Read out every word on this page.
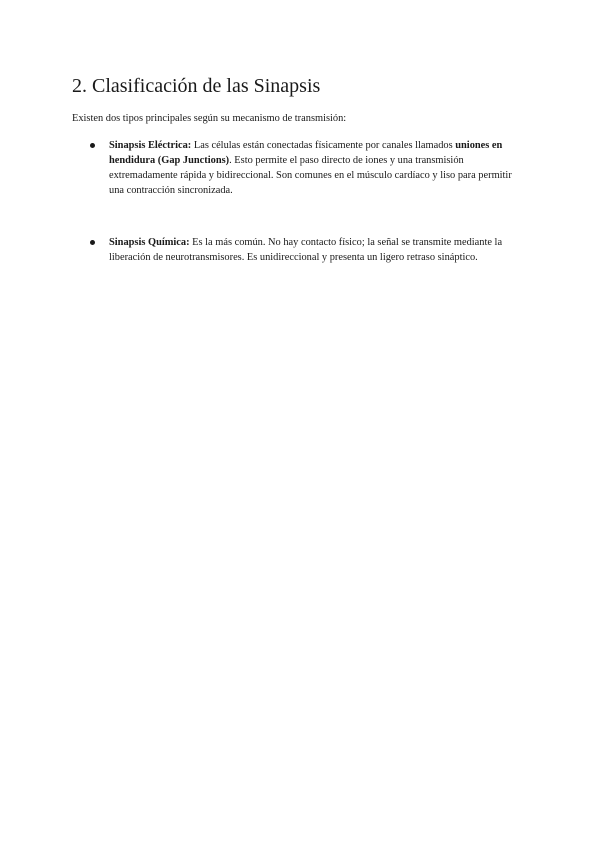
2. Clasificación de las Sinapsis

Existen dos tipos principales según su mecanismo de transmisión:

Sinapsis Eléctrica: Las células están conectadas físicamente por canales llamados uniones en hendidura (Gap Junctions). Esto permite el paso directo de iones y una transmisión extremadamente rápida y bidireccional. Son comunes en el músculo cardíaco y liso para permitir una contracción sincronizada.
Sinapsis Química: Es la más común. No hay contacto físico; la señal se transmite mediante la liberación de neurotransmisores. Es unidireccional y presenta un ligero retraso sináptico.
